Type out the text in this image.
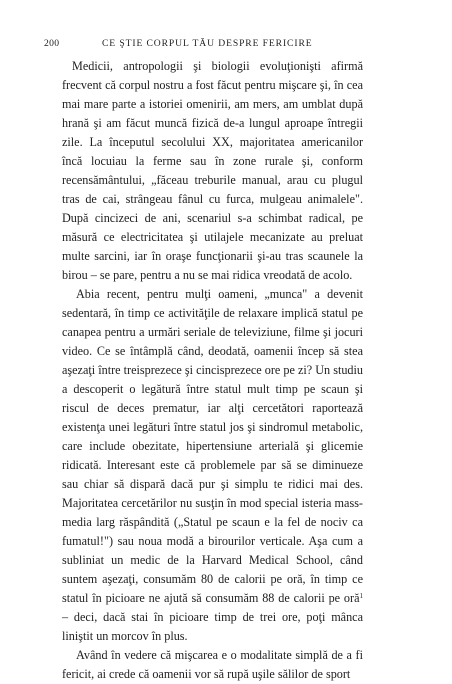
200	CE ŞTIE CORPUL TĂU DESPRE FERICIRE

Medicii, antropologii şi biologii evoluţionişti afirmă frecvent că corpul nostru a fost făcut pentru mişcare şi, în cea mai mare parte a istoriei omenirii, am mers, am umblat după hrană şi am făcut muncă fizică de-a lungul aproape întregii zile. La începutul secolului XX, majoritatea americanilor încă locuiau la ferme sau în zone rurale şi, conform recensământului, „făceau treburile manual, arau cu plugul tras de cai, strângeau fânul cu furca, mulgeau animalele". După cincizeci de ani, scenariul s-a schimbat radical, pe măsură ce electricitatea şi utilajele mecanizate au preluat multe sarcini, iar în oraşe funcţionarii şi-au tras scaunele la birou – se pare, pentru a nu se mai ridica vreodată de acolo.

Abia recent, pentru mulţi oameni, „munca" a devenit sedentară, în timp ce activităţile de relaxare implică statul pe canapea pentru a urmări seriale de televiziune, filme şi jocuri video. Ce se întâmplă când, deodată, oamenii încep să stea aşezaţi între treisprezece şi cincisprezece ore pe zi? Un studiu a descoperit o legătură între statul mult timp pe scaun şi riscul de deces prematur, iar alţi cercetători raportează existenţa unei legături între statul jos şi sindromul metabolic, care include obezitate, hipertensiune arterială şi glicemie ridicată. Interesant este că problemele par să se diminueze sau chiar să dispară dacă pur şi simplu te ridici mai des. Majoritatea cercetărilor nu susţin în mod special isteria mass-media larg răspândită („Statul pe scaun e la fel de nociv ca fumatul!") sau noua modă a birourilor verticale. Aşa cum a subliniat un medic de la Harvard Medical School, când suntem aşezaţi, consumăm 80 de calorii pe oră, în timp ce statul în picioare ne ajută să consumăm 88 de calorii pe oră$^1$ – deci, dacă stai în picioare timp de trei ore, poţi mânca liniştit un morcov în plus.

Având în vedere că mişcarea e o modalitate simplă de a fi fericit, ai crede că oamenii vor să rupă uşile sălilor de sport
